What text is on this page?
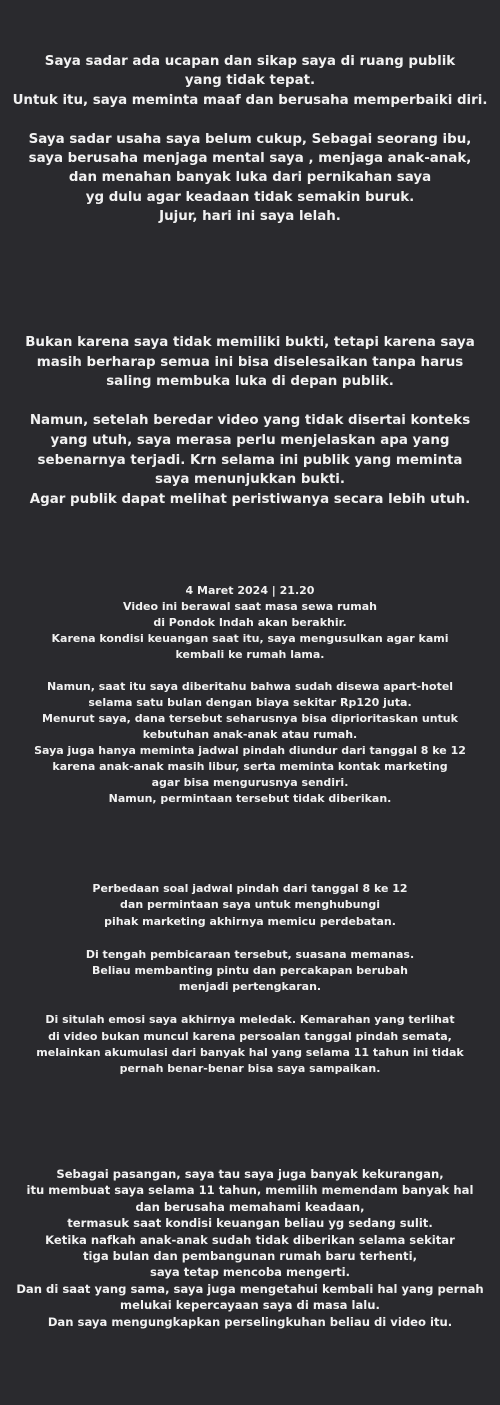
Saya sadar ada ucapan dan sikap saya di ruang publik
yang tidak tepat.
Untuk itu, saya meminta maaf dan berusaha memperbaiki diri.
Saya sadar usaha saya belum cukup, Sebagai seorang ibu,
saya berusaha menjaga mental saya , menjaga anak-anak,
dan menahan banyak luka dari pernikahan saya
yg dulu agar keadaan tidak semakin buruk.
Jujur, hari ini saya lelah.
Bukan karena saya tidak memiliki bukti, tetapi karena saya
masih berharap semua ini bisa diselesaikan tanpa harus
saling membuka luka di depan publik.
Namun, setelah beredar video yang tidak disertai konteks
yang utuh, saya merasa perlu menjelaskan apa yang
sebenarnya terjadi. Krn selama ini publik yang meminta
saya menunjukkan bukti.
Agar publik dapat melihat peristiwanya secara lebih utuh.
4 Maret 2024 | 21.20
Video ini berawal saat masa sewa rumah
di Pondok Indah akan berakhir.
Karena kondisi keuangan saat itu, saya mengusulkan agar kami
kembali ke rumah lama.
Namun, saat itu saya diberitahu bahwa sudah disewa apart-hotel
selama satu bulan dengan biaya sekitar Rp120 juta.
Menurut saya, dana tersebut seharusnya bisa diprioritaskan untuk
kebutuhan anak-anak atau rumah.
Saya juga hanya meminta jadwal pindah diundur dari tanggal 8 ke 12
karena anak-anak masih libur, serta meminta kontak marketing
agar bisa mengurusnya sendiri.
Namun, permintaan tersebut tidak diberikan.
Perbedaan soal jadwal pindah dari tanggal 8 ke 12
dan permintaan saya untuk menghubungi
pihak marketing akhirnya memicu perdebatan.
Di tengah pembicaraan tersebut, suasana memanas.
Beliau membanting pintu dan percakapan berubah
menjadi pertengkaran.
Di situlah emosi saya akhirnya meledak. Kemarahan yang terlihat
di video bukan muncul karena persoalan tanggal pindah semata,
melainkan akumulasi dari banyak hal yang selama 11 tahun ini tidak
pernah benar-benar bisa saya sampaikan.
Sebagai pasangan, saya tau saya juga banyak kekurangan,
itu membuat saya selama 11 tahun, memilih memendam banyak hal
dan berusaha memahami keadaan,
termasuk saat kondisi keuangan beliau yg sedang sulit.
Ketika nafkah anak-anak sudah tidak diberikan selama sekitar
tiga bulan dan pembangunan rumah baru terhenti,
saya tetap mencoba mengerti.
Dan di saat yang sama, saya juga mengetahui kembali hal yang pernah
melukai kepercayaan saya di masa lalu.
Dan saya mengungkapkan perselingkuhan beliau di video itu.
